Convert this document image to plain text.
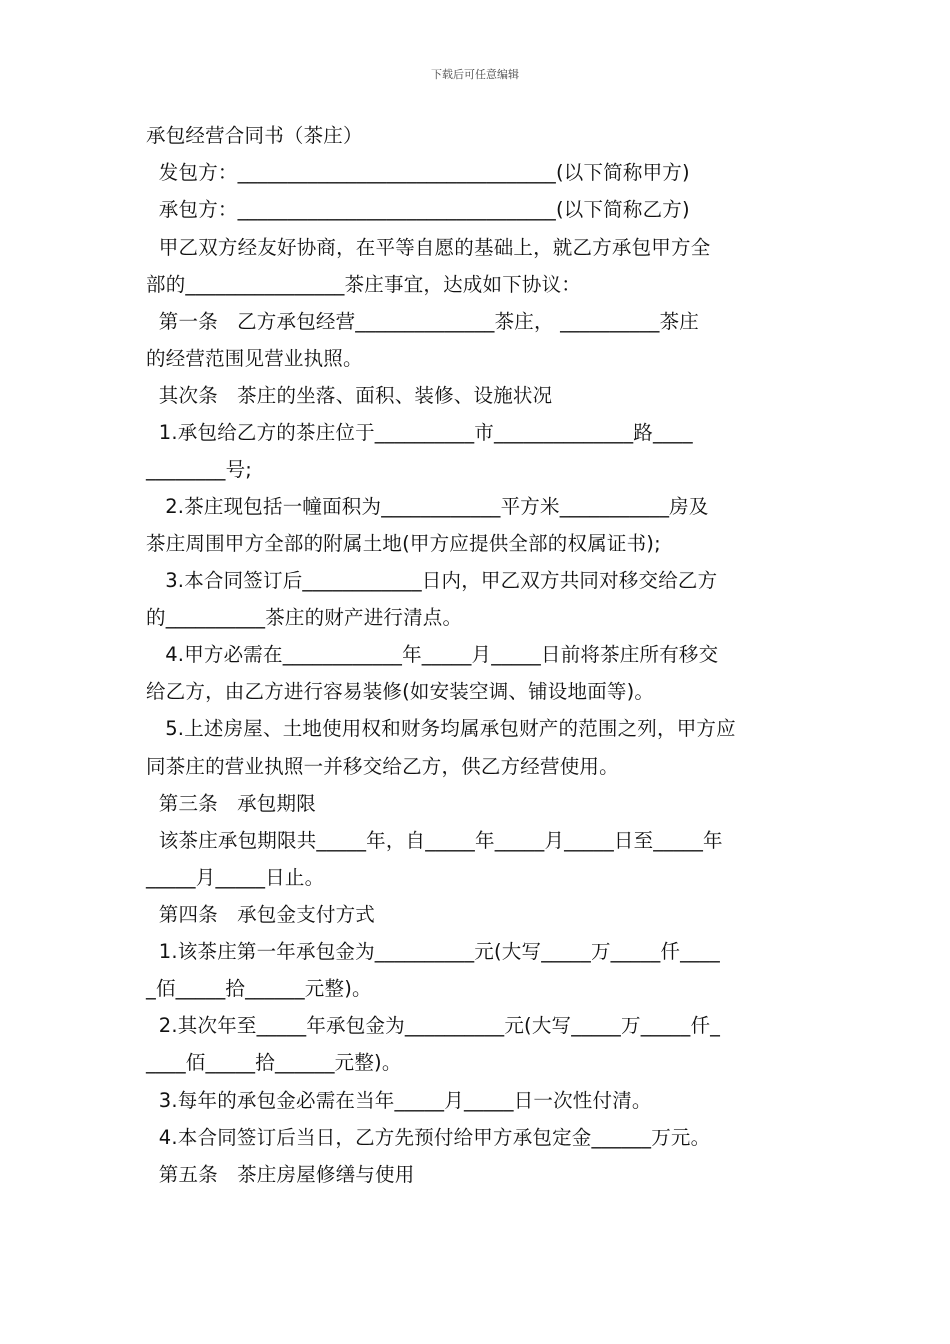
下载后可任意编辑
承包经营合同书（茶庄）
发包方：________________________________(以下简称甲方)
承包方：________________________________(以下简称乙方)
甲乙双方经友好协商，在平等自愿的基础上，就乙方承包甲方全
部的________________茶庄事宜，达成如下协议：
第一条   乙方承包经营______________茶庄， __________茶庄
的经营范围见营业执照。
其次条   茶庄的坐落、面积、装修、设施状况
1.承包给乙方的茶庄位于__________市______________路____
________号;
2.茶庄现包括一幢面积为____________平方米___________房及
茶庄周围甲方全部的附属土地(甲方应提供全部的权属证书);
3.本合同签订后____________日内，甲乙双方共同对移交给乙方
的__________茶庄的财产进行清点。
4.甲方必需在____________年_____月_____日前将茶庄所有移交
给乙方，由乙方进行容易装修(如安装空调、铺设地面等)。
5.上述房屋、土地使用权和财务均属承包财产的范围之列，甲方应
同茶庄的营业执照一并移交给乙方，供乙方经营使用。
第三条   承包期限
该茶庄承包期限共_____年，自_____年_____月_____日至_____年
_____月_____日止。
第四条   承包金支付方式
1.该茶庄第一年承包金为__________元(大写_____万_____仟____
_佰_____拾______元整)。
2.其次年至_____年承包金为__________元(大写_____万_____仟_
____佰_____拾______元整)。
3.每年的承包金必需在当年_____月_____日一次性付清。
4.本合同签订后当日，乙方先预付给甲方承包定金______万元。
第五条   茶庄房屋修缮与使用
